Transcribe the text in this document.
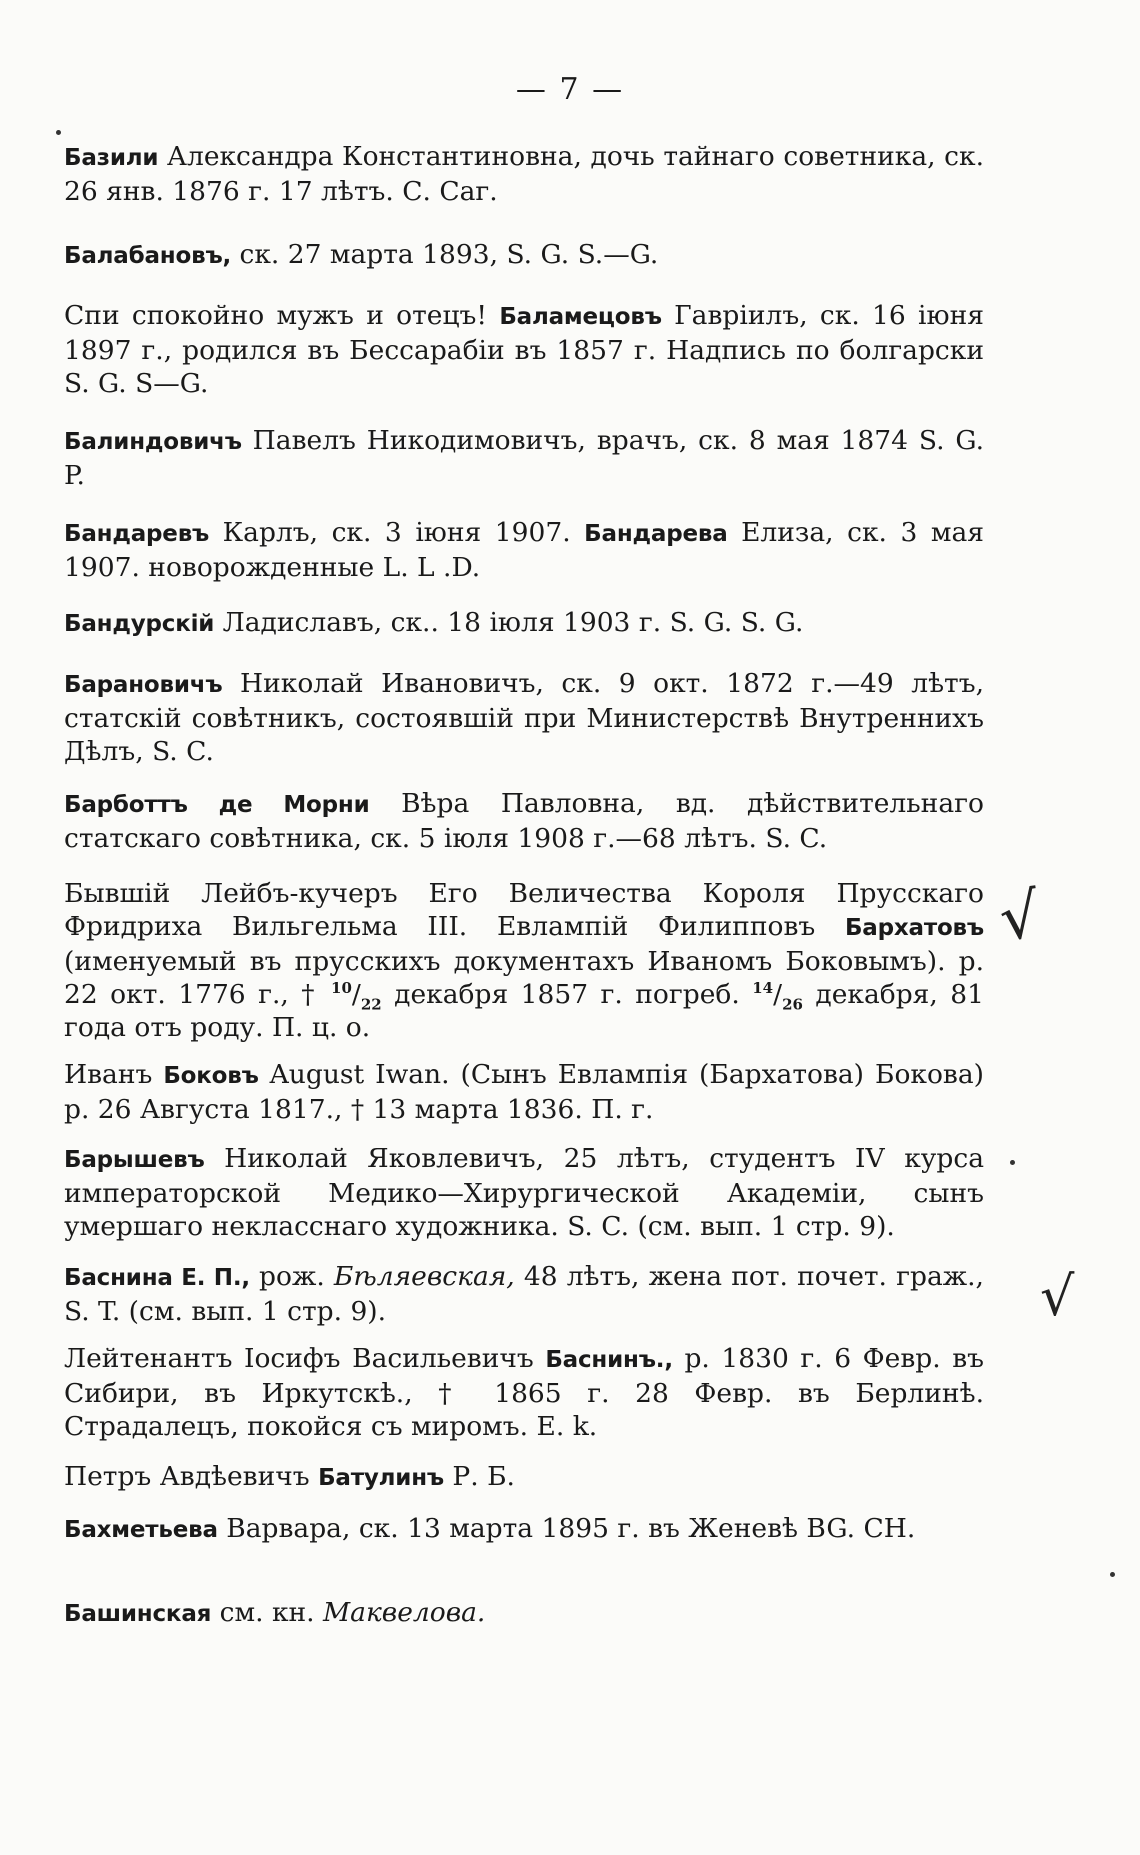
— 7 —
Базили Александра Константиновна, дочь тайнаго советника, ск. 26 янв. 1876 г. 17 лѣтъ. С. Саг.
Балабановъ, ск. 27 марта 1893, S. G. S.—G.
Спи спокойно мужъ и отецъ! Баламецовъ Гавріилъ, ск. 16 іюня 1897 г., родился въ Бессарабіи въ 1857 г. Надпись по болгарски S. G. S—G.
Балиндовичъ Павелъ Никодимовичъ, врачъ, ск. 8 мая 1874 S. G. P.
Бандаревъ Карлъ, ск. 3 іюня 1907. Бандарева Елиза, ск. 3 мая 1907. новорожденные L. L .D.
Бандурскій Ладиславъ, ск.. 18 іюля 1903 г. S. G. S. G.
Барановичъ Николай Ивановичъ, ск. 9 окт. 1872 г.—49 лѣтъ, статскій совѣтникъ, состоявшій при Министерствѣ Внутреннихъ Дѣлъ, S. C.
Барботтъ де Морни Вѣра Павловна, вд. дѣйствительнаго статскаго совѣтника, ск. 5 іюля 1908 г.—68 лѣтъ. S. C.
Бывшій Лейбъ-кучеръ Его Величества Короля Прусскаго Фридриха Вильгельма III. Евлампій Филипповъ Бархатовъ (именуемый въ прусскихъ документахъ Иваномъ Боковымъ). р. 22 окт. 1776 г., † $^{10}/_{22}$ декабря 1857 г. погреб. $^{14}/_{26}$ декабря, 81 года отъ роду. П. ц. о.
Иванъ Боковъ August Iwan. (Сынъ Евлампія (Бархатова) Бокова) р. 26 Августа 1817., † 13 марта 1836. П. г.
Барышевъ Николай Яковлевичъ, 25 лѣтъ, студентъ IV курса императорской Медико—Хирургической Академіи, сынъ умершаго некласснаго художника. S. C. (см. вып. 1 стр. 9).
Баснина Е. П., рож. Бѣляевская, 48 лѣтъ, жена пот. почет. граж., S. T. (см. вып. 1 стр. 9).
Лейтенантъ Іосифъ Васильевичъ Баснинъ., р. 1830 г. 6 Февр. въ Сибири, въ Иркутскѣ., † 1865 г. 28 Февр. въ Берлинѣ. Страдалецъ, покойся съ миромъ. Е. k.
Петръ Авдѣевичъ Батулинъ Р. Б.
Бахметьева Варвара, ск. 13 марта 1895 г. въ Женевѣ BG. CH.
Башинская см. кн. Маквелова.
√
√
